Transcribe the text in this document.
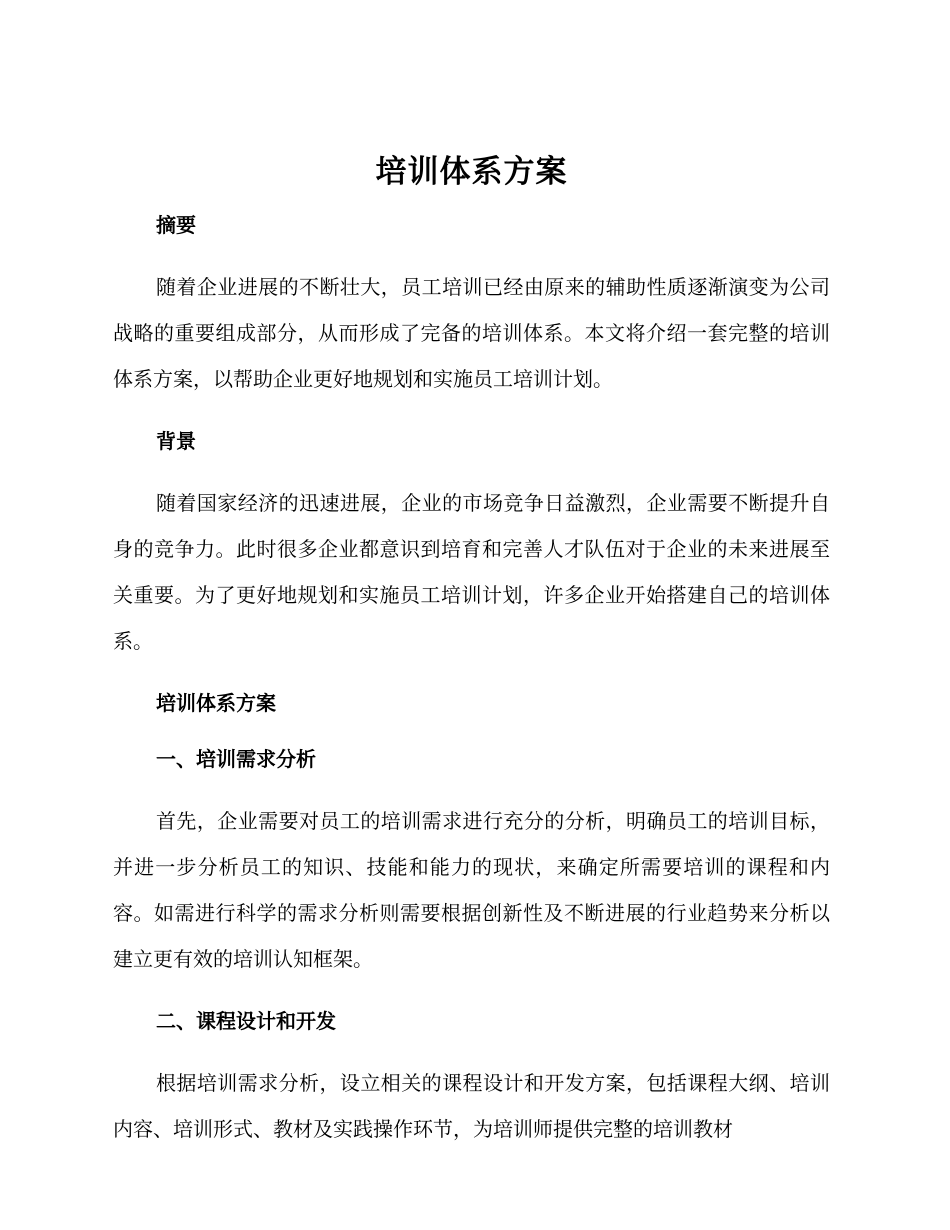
培训体系方案
摘要

随着企业进展的不断壮大，员工培训已经由原来的辅助性质逐渐演变为公司战略的重要组成部分，从而形成了完备的培训体系。本文将介绍一套完整的培训体系方案，以帮助企业更好地规划和实施员工培训计划。

背景

随着国家经济的迅速进展，企业的市场竞争日益激烈，企业需要不断提升自身的竞争力。此时很多企业都意识到培育和完善人才队伍对于企业的未来进展至关重要。为了更好地规划和实施员工培训计划，许多企业开始搭建自己的培训体系。

培训体系方案
一、培训需求分析

首先，企业需要对员工的培训需求进行充分的分析，明确员工的培训目标，并进一步分析员工的知识、技能和能力的现状，来确定所需要培训的课程和内容。如需进行科学的需求分析则需要根据创新性及不断进展的行业趋势来分析以建立更有效的培训认知框架。

二、课程设计和开发

根据培训需求分析，设立相关的课程设计和开发方案，包括课程大纲、培训内容、培训形式、教材及实践操作环节，为培训师提供完整的培训教材
